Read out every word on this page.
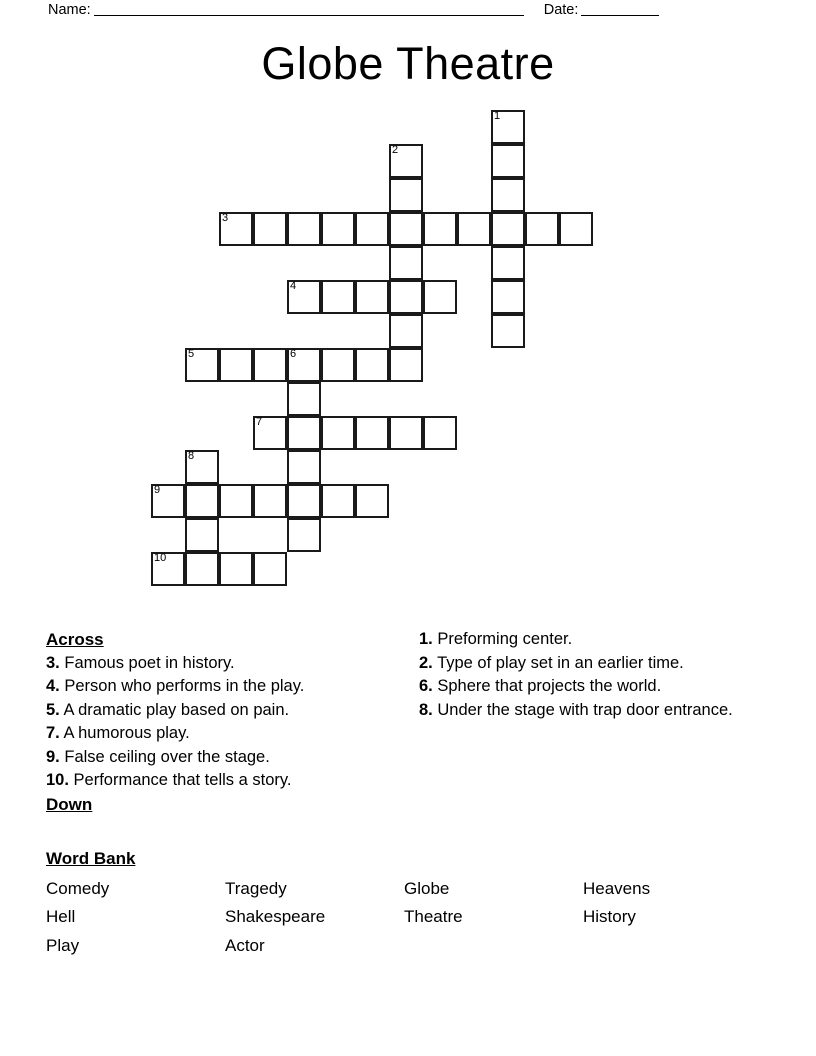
Name:	Date:
Globe Theatre
1
2
3
4
5	6
7
8
9
10
Across
3. Famous poet in history.
4. Person who performs in the play.
5. A dramatic play based on pain.
7. A humorous play.
9. False ceiling over the stage.
10. Performance that tells a story.
Down
1. Preforming center.
2. Type of play set in an earlier time.
6. Sphere that projects the world.
8. Under the stage with trap door entrance.
Word Bank
Comedy	Tragedy	Globe	Heavens
Hell	Shakespeare	Theatre	History
Play	Actor
